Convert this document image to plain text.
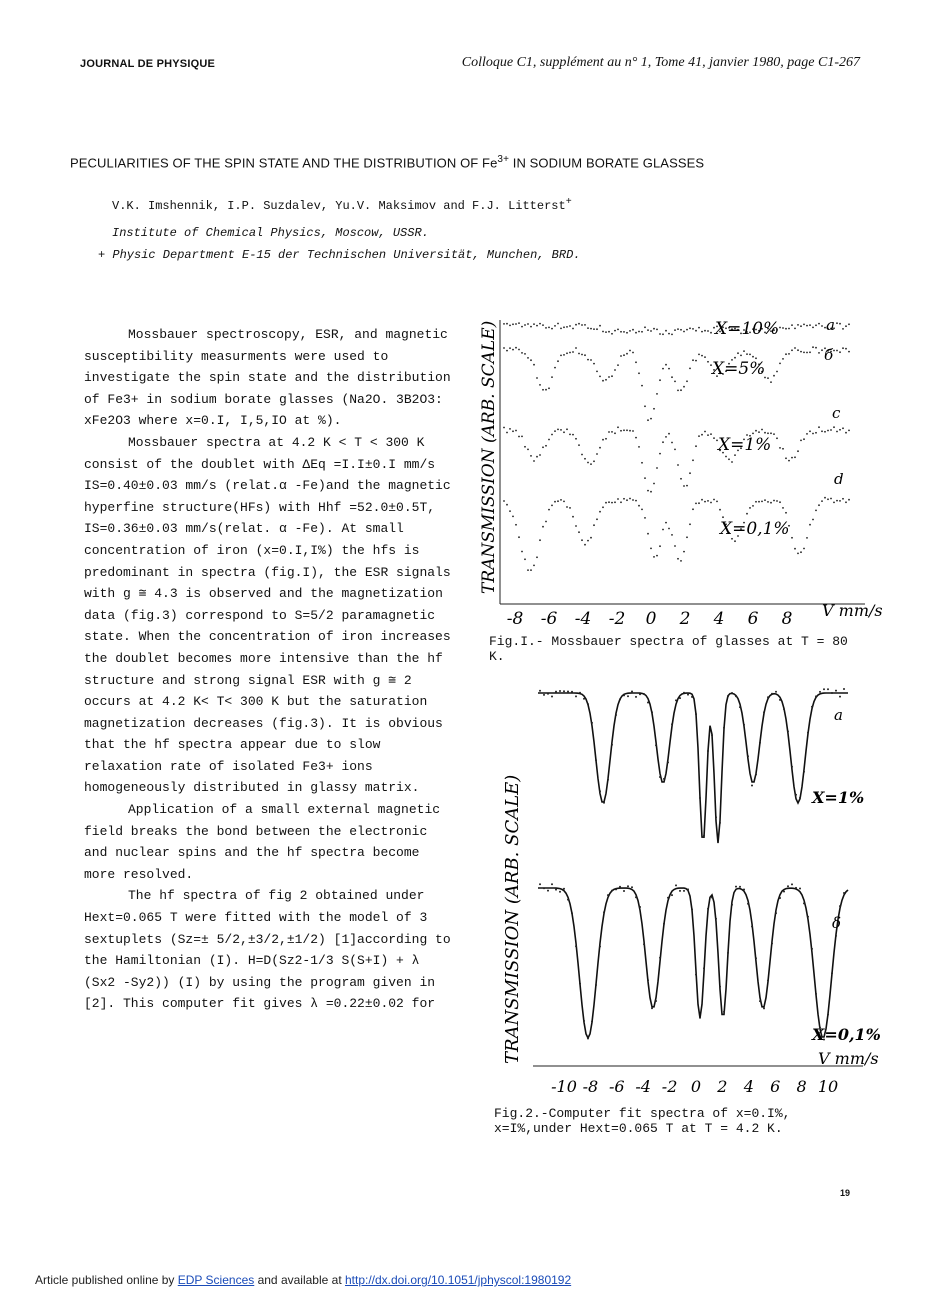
JOURNAL DE PHYSIQUE	Colloque C1, supplément au n° 1, Tome 41, janvier 1980, page C1-267
PECULIARITIES OF THE SPIN STATE AND THE DISTRIBUTION OF $Fe^{3+}$ IN SODIUM BORATE GLASSES
V.K. Imshennik, I.P. Suzdalev, Yu.V. Maksimov and F.J. Litterst+
Institute of Chemical Physics, Moscow, USSR.
+ Physic Department E-15 der Technischen Universität, Munchen, BRD.

Mossbauer spectroscopy, ESR, and magnetic susceptibility measurments were used to investigate the spin state and the distribution of Fe3+ in sodium borate glasses (Na2O. 3B2O3: xFe2O3 where x=0.I, I,5,IO at %).

Mossbauer spectra at 4.2 K < T < 300 K consist of the doublet with ΔEq =I.I±0.I mm/s IS=0.40±0.03 mm/s (relat.α -Fe)and the magnetic hyperfine structure(HFs) with Hhf =52.0±0.5T, IS=0.36±0.03 mm/s(relat. α -Fe). At small concentration of iron (x=0.I,I%) the hfs is predominant in spectra (fig.I), the ESR signals with g ≅ 4.3 is observed and the magnetization data (fig.3) correspond to S=5/2 paramagnetic state. When the concentration of iron increases the doublet becomes more intensive than the hf structure and strong signal ESR with g ≅ 2 occurs at 4.2 K< T< 300 K but the saturation magnetization decreases (fig.3). It is obvious that the hf spectra appear due to slow relaxation rate of isolated Fe3+ ions homogeneously distributed in glassy matrix.

Application of a small external magnetic field breaks the bond between the electronic and nuclear spins and the hf spectra become more resolved.

The hf spectra of fig 2 obtained under Hext=0.065 T were fitted with the model of 3 sextuplets (Sz=± 5/2,±3/2,±1/2) [1]according to the Hamiltonian (I). H=D(Sz2-1/3 S(S+I) + λ (Sx2 -Sy2)) (I) by using the program given in [2]. This computer fit gives λ =0.22±0.02 for

TRANSMISSION (ARB. SCALE)
-8 -6 -4 -2 0 2 4 6 8 V mm/s
X=10%	a
X=5%
б
X=1%
c
X=0,1%
d
Fig.I.- Mossbauer spectra of glasses at T = 80 K.
TRANSMISSION (ARB. SCALE)
-10 -8 -6 -4 -2 0 2 4 6 8 10
V mm/s
X=1%
a
X=0,1%
δ
Fig.2.-Computer fit spectra of x=0.I%, x=I%,under Hext=0.065 T at T = 4.2 K.
19
Article published online by EDP Sciences and available at http://dx.doi.org/10.1051/jphyscol:1980192
